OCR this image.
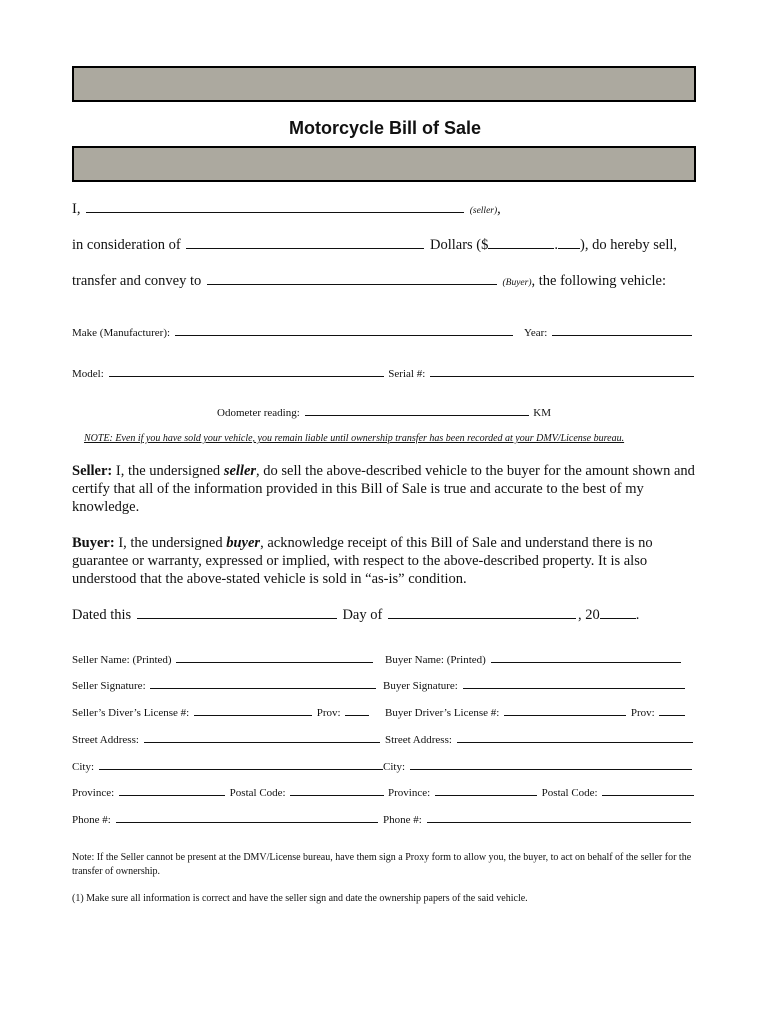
Motorcycle Bill of Sale
I,	(seller),
in consideration of	Dollars ($	. ), do hereby sell,
transfer and convey to	(Buyer), the following vehicle:
Make (Manufacturer):	Year:
Model:	Serial #:
Odometer reading:	KM
NOTE: Even if you have sold your vehicle, you remain liable until ownership transfer has been recorded at your DMV/License bureau.
Seller: I, the undersigned seller, do sell the above-described vehicle to the buyer for the amount shown and certify that all of the information provided in this Bill of Sale is true and accurate to the best of my knowledge.
Buyer: I, the undersigned buyer, acknowledge receipt of this Bill of Sale and understand there is no guarantee or warranty, expressed or implied, with respect to the above-described property. It is also understood that the above-stated vehicle is sold in “as-is” condition.
Dated this	Day of	, 20 .
Seller Name: (Printed)	Buyer Name: (Printed)
Seller Signature:	Buyer Signature:
Seller’s Diver’s License #:	Prov:	Buyer Driver’s License #:	Prov:
Street Address:	Street Address:
City:	City:
Province:	Postal Code:	Province:	Postal Code:
Phone #:	Phone #:
Note: If the Seller cannot be present at the DMV/License bureau, have them sign a Proxy form to allow you, the buyer, to act on behalf of the seller for the transfer of ownership.
(1) Make sure all information is correct and have the seller sign and date the ownership papers of the said vehicle.
